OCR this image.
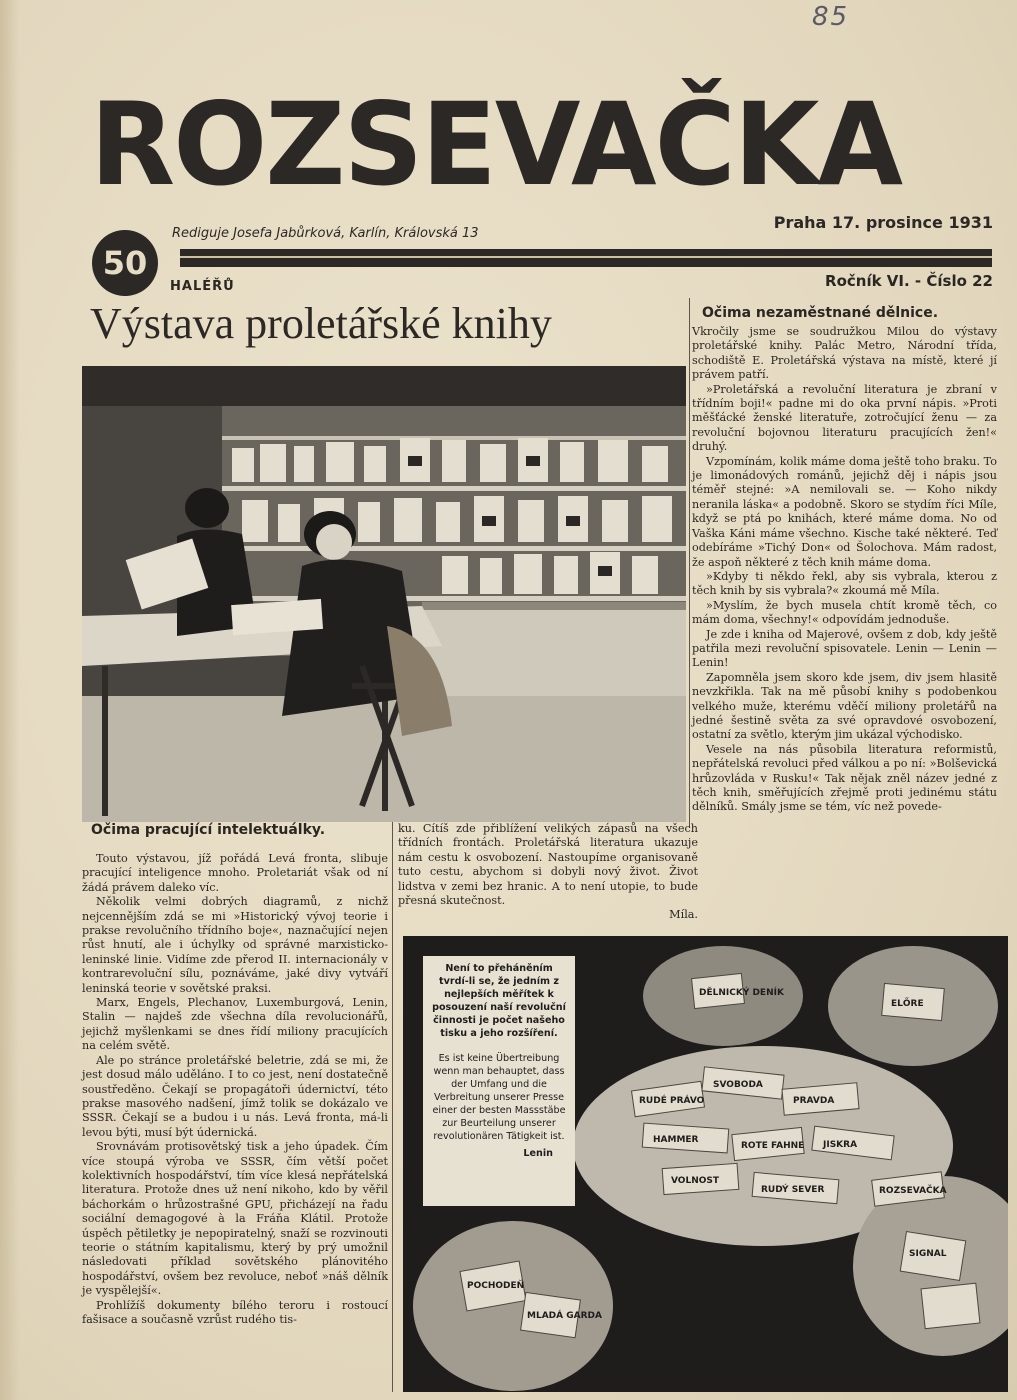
85
ROZSEVAČKA
Rediguje Josefa Jabůrková, Karlín, Královská 13
Praha 17. prosince 1931
50
HALÉŘŮ	Ročník VI. - Číslo 22
Výstava proletářské knihy	Očima nezaměstnané dělnice.

Vkročily jsme se soudružkou Milou do výstavy proletářské knihy. Palác Metro, Národní třída, schodiště E. Proletářská výstava na místě, které jí právem patří.

»Proletářská a revoluční literatura je zbraní v třídním boji!« padne mi do oka první nápis. »Proti měšťácké ženské literatuře, zotročující ženu — za revoluční bojovnou literaturu pracujících žen!« druhý.

Vzpomínám, kolik máme doma ještě toho braku. To je limonádových románů, jejichž děj i nápis jsou téměř stejné: »A nemilovali se. — Koho nikdy neranila láska« a podobně. Skoro se stydím říci Míle, když se ptá po knihách, které máme doma. No od Vaška Káni máme všechno. Kische také některé. Teď odebíráme »Tichý Don« od Šolochova. Mám radost, že aspoň některé z těch knih máme doma.

»Kdyby ti někdo řekl, aby sis vybrala, kterou z těch knih by sis vybrala?« zkoumá mě Míla.

»Myslím, že bych musela chtít kromě těch, co mám doma, všechny!« odpovídám jednoduše.

Je zde i kniha od Majerové, ovšem z dob, kdy ještě patřila mezi revoluční spisovatele. Lenin — Lenin — Lenin!

Zapomněla jsem skoro kde jsem, div jsem hlasitě nevzkřikla. Tak na mě působí knihy s podobenkou velkého muže, kterému vděčí miliony proletářů na jedné šestině světa za své opravdové osvobození, ostatní za světlo, kterým jim ukázal východisko.

Vesele na nás působila literatura reformistů, nepřátelská revoluci před válkou a po ní: »Bolševická hrůzovláda v Rusku!« Tak nějak zněl název jedné z těch knih, směřujících zřejmě proti jedinému státu dělníků. Smály jsme se tém, víc než povede-

Očima pracující intelektuálky.

Touto výstavou, jíž pořádá Levá fronta, slibuje pracující inteligence mnoho. Proletariát však od ní žádá právem daleko víc.

Několik velmi dobrých diagramů, z nichž nejcennějším zdá se mi »Historický vývoj teorie i prakse revolučního třídního boje«, naznačující nejen růst hnutí, ale i úchylky od správné marxisticko-leninské linie. Vidíme zde přerod II. internacionály v kontrarevoluční sílu, poznáváme, jaké divy vytváří leninská teorie v sovětské praksi.

Marx, Engels, Plechanov, Luxemburgová, Lenin, Stalin — najdeš zde všechna díla revolucionářů, jejichž myšlenkami se dnes řídí miliony pracujících na celém světě.

Ale po stránce proletářské beletrie, zdá se mi, že jest dosud málo uděláno. I to co jest, není dostatečně soustředěno. Čekají se propagátoři údernictví, této prakse masového nadšení, jímž tolik se dokázalo ve SSSR. Čekají se a budou i u nás. Levá fronta, má-li levou býti, musí být údernická.

Srovnávám protisovětský tisk a jeho úpadek. Čím více stoupá výroba ve SSSR, čím větší počet kolektivních hospodářství, tím více klesá nepřátelská literatura. Protože dnes už není nikoho, kdo by věřil báchorkám o hrůzostrašné GPU, přicházejí na řadu sociální demagogové à la Fráňa Klátil. Protože úspěch pětiletky je nepopiratelný, snaží se rozvinouti teorie o státním kapitalismu, který by prý umožnil následovati příklad sovětského plánovitého hospodářství, ovšem bez revoluce, neboť »náš dělník je vyspělejší«.

Prohlížíš dokumenty bílého teroru i rostoucí fašisace a současně vzrůst rudého tis-

ku. Cítíš zde přiblížení velikých zápasů na všech třídních frontách. Proletářská literatura ukazuje nám cestu k osvobození. Nastoupíme organisovaně tuto cestu, abychom si dobyli nový život. Život lidstva v zemi bez hranic. A to není utopie, to bude přesná skutečnost.

Míla.

RUDÉ PRÁVO
SVOBODA
PRAVDA
HAMMER
ROTE FAHNE JISKRA
SIGNAL
RUDÝ SEVER
VOLNOST
ROZSEVAČKA
DĚLNICKÝ DENÍK
ELŐRE
POCHODEŇ
MLADÁ GARDA
Není to přeháněním tvrdí-li se, že jedním z nejlepších měřítek k posouzení naší revoluční činnosti je počet našeho tisku a jeho rozšíření.
Es ist keine Übertreibung wenn man behauptet, dass der Umfang und die Verbreitung unserer Presse einer der besten Massstäbe zur Beurteilung unserer revolutionären Tätigkeit ist.
Lenin
